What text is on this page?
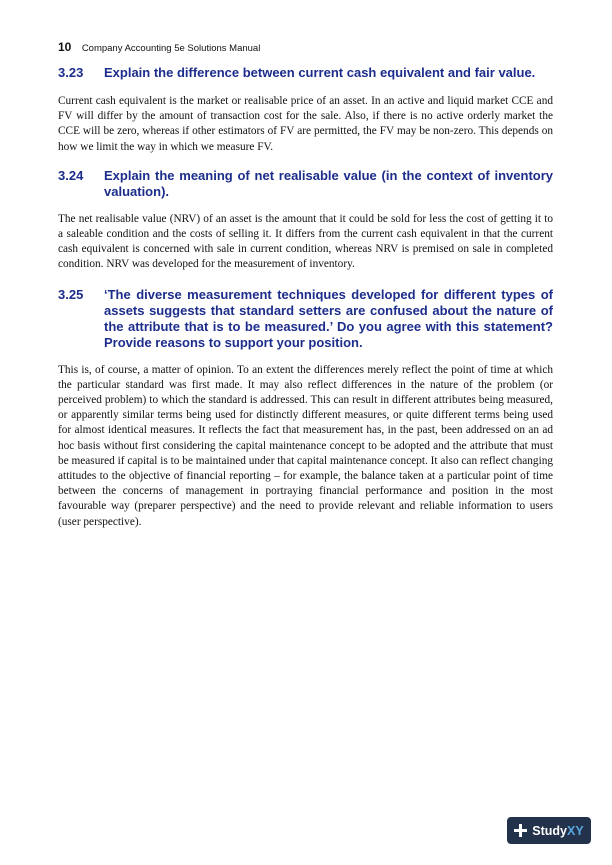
10 Company Accounting 5e Solutions Manual
3.23	Explain the difference between current cash equivalent and fair value.

Current cash equivalent is the market or realisable price of an asset. In an active and liquid market CCE and FV will differ by the amount of transaction cost for the sale. Also, if there is no active orderly market the CCE will be zero, whereas if other estimators of FV are permitted, the FV may be non-zero. This depends on how we limit the way in which we measure FV.

3.24	Explain the meaning of net realisable value (in the context of inventory valuation).

The net realisable value (NRV) of an asset is the amount that it could be sold for less the cost of getting it to a saleable condition and the costs of selling it. It differs from the current cash equivalent in that the current cash equivalent is concerned with sale in current condition, whereas NRV is premised on sale in completed condition. NRV was developed for the measurement of inventory.

3.25	‘The diverse measurement techniques developed for different types of assets suggests that standard setters are confused about the nature of the attribute that is to be measured.’ Do you agree with this statement? Provide reasons to support your position.

This is, of course, a matter of opinion. To an extent the differences merely reflect the point of time at which the particular standard was first made. It may also reflect differences in the nature of the problem (or perceived problem) to which the standard is addressed. This can result in different attributes being measured, or apparently similar terms being used for distinctly different measures, or quite different terms being used for almost identical measures. It reflects the fact that measurement has, in the past, been addressed on an ad hoc basis without first considering the capital maintenance concept to be adopted and the attribute that must be measured if capital is to be maintained under that capital maintenance concept. It also can reflect changing attitudes to the objective of financial reporting – for example, the balance taken at a particular point of time between the concerns of management in portraying financial performance and position in the most favourable way (preparer perspective) and the need to provide relevant and reliable information to users (user perspective).

StudyXY
